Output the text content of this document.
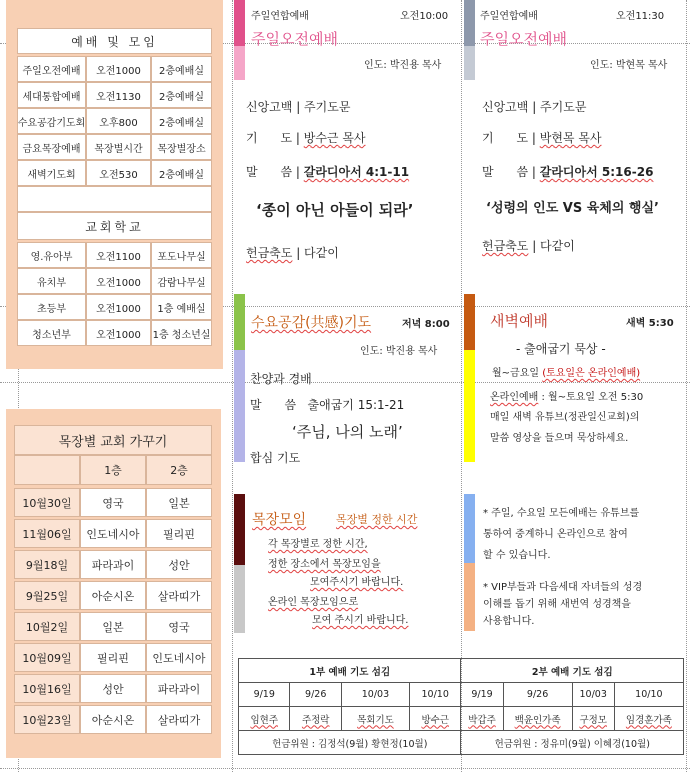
예배 및 모임
주일오전예배	오전1000	2층예배실
세대통합예배	오전1130	2층예배실
수요공감기도회	오후800	2층예배실
금요목장예배	목장별시간	목장별장소
새벽기도회	오전530	2층예배실
교회학교
영.유아부	오전1100	포도나무실
유치부	오전1000	감람나무실
초등부	오전1000	1층 예배실
청소년부	오전1000	1층 청소년실
목장별 교회 가꾸기
1층	2층
10월30일	영국	일본
11월06일	인도네시아	필리핀
9월18일	파라과이	성안
9월25일	아순시온	살라띠가
10월2일	일본	영국
10월09일	필리핀	인도네시아
10월16일	성안	파라과이
10월23일	아순시온	살라띠가
주일연합예배	오전10:00
주일오전예배
인도: 박진용 목사
신앙고백 | 주기도문
기      도 | 방수근 목사
말      씀 | 갈라디아서 4:1-11
‘종이 아닌 아들이 되라’
헌금축도 | 다같이
주일연합예배	오전11:30
주일오전예배
인도: 박현목 목사
신앙고백 | 주기도문
기      도 | 박현목 목사
말      씀 | 갈라디아서 5:16-26
‘성령의 인도 VS 육체의 행실’
헌금축도 | 다같이
수요공감(共感)기도	저녁 8:00
인도: 박진용 목사
찬양과 경배
말      씀 출애굽기 15:1-21
‘주님, 나의 노래’
합심 기도
새벽예배	새벽 5:30
- 출애굽기 묵상 -
월~금요일 (토요일은 온라인예배)
온라인예배 : 월~토요일 오전 5:30
매일 새벽 유튜브(정관일신교회)의
말씀 영상을 들으며 묵상하세요.
목장모임	목장별 정한 시간
각 목장별로 정한 시간,
정한 장소에서 목장모임을
모여주시기 바랍니다.
온라인 목장모임으로
모여 주시기 바랍니다.
* 주일, 수요일 모든예배는 유튜브를
통하여 중계하니 온라인으로 참여
할 수 있습니다.
* VIP부들과 다음세대 자녀들의 성경
이해를 돕기 위해 새번역 성경책을
사용합니다.
1부 예배 기도 섬김				2부 예배 기도 섬김			
9/19	9/26	10/03	10/10	9/19	9/26	10/03	10/10
임현주	주정락	목회기도	방수근	박갑주	백윤인가족	구정모	임경훈가족
헌금위원 : 김정석(9월) 황현정(10월)				헌금위원 : 정유미(9월) 이혜경(10월)			
